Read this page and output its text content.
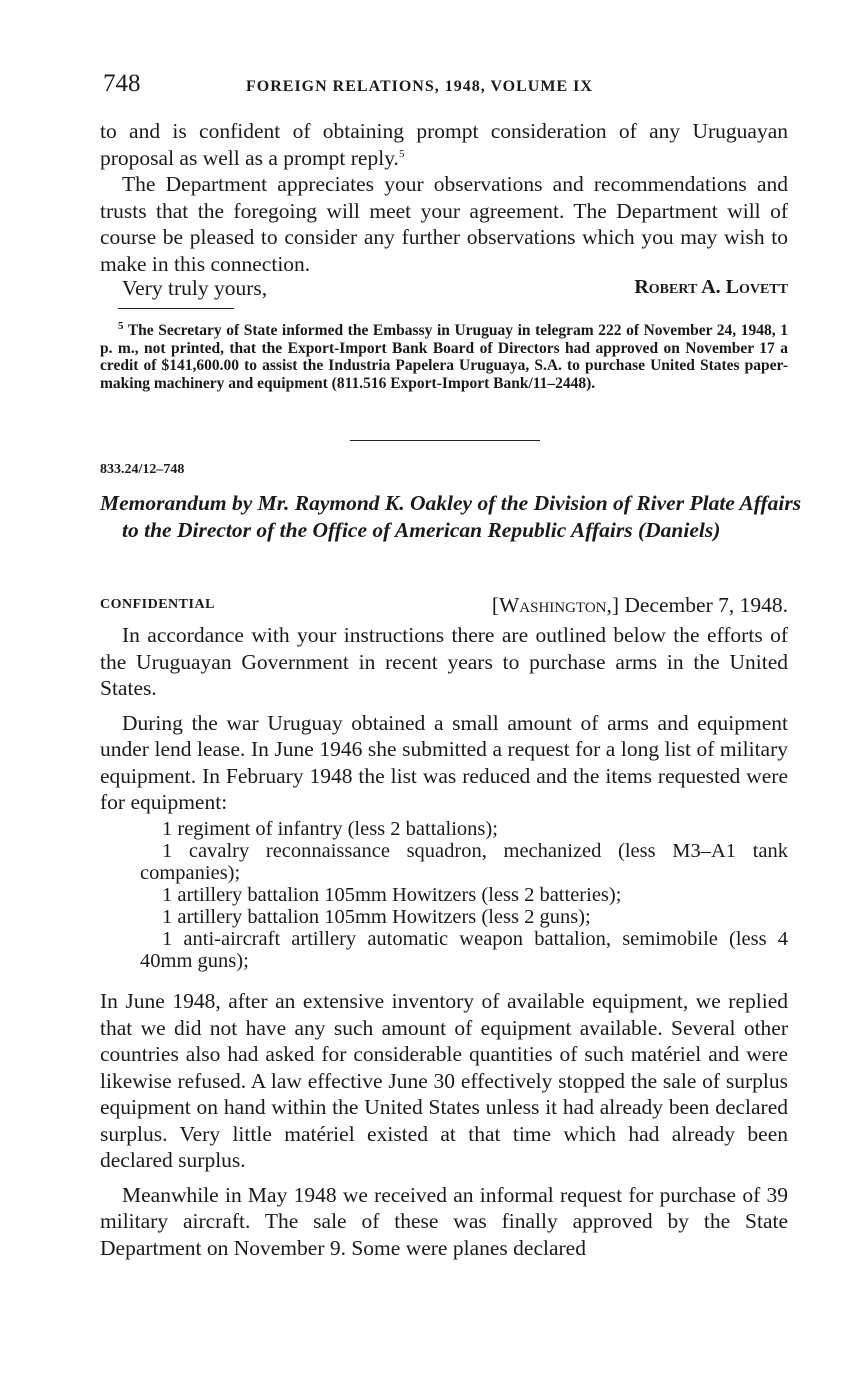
748	FOREIGN RELATIONS, 1948, VOLUME IX

to and is confident of obtaining prompt consideration of any Uruguayan proposal as well as a prompt reply.$^5$

The Department appreciates your observations and recommendations and trusts that the foregoing will meet your agreement. The Department will of course be pleased to consider any further observations which you may wish to make in this connection.

Very truly yours,	Robert A. Lovett
$^5$ The Secretary of State informed the Embassy in Uruguay in telegram 222 of November 24, 1948, 1 p. m., not printed, that the Export-Import Bank Board of Directors had approved on November 17 a credit of $141,600.00 to assist the Industria Papelera Uruguaya, S.A. to purchase United States paper-making machinery and equipment (811.516 Export-Import Bank/11–2448).
833.24/12–748
Memorandum by Mr. Raymond K. Oakley of the Division of River Plate Affairs to the Director of the Office of American Republic Affairs (Daniels)
CONFIDENTIAL	[Washington,] December 7, 1948.

In accordance with your instructions there are outlined below the efforts of the Uruguayan Government in recent years to purchase arms in the United States.

During the war Uruguay obtained a small amount of arms and equipment under lend lease. In June 1946 she submitted a request for a long list of military equipment. In February 1948 the list was reduced and the items requested were for equipment:

1 regiment of infantry (less 2 battalions);
1 cavalry reconnaissance squadron, mechanized (less M3–A1 tank companies);
1 artillery battalion 105mm Howitzers (less 2 batteries);
1 artillery battalion 105mm Howitzers (less 2 guns);
1 anti-aircraft artillery automatic weapon battalion, semimobile (less 4 40mm guns);

In June 1948, after an extensive inventory of available equipment, we replied that we did not have any such amount of equipment available. Several other countries also had asked for considerable quantities of such matériel and were likewise refused. A law effective June 30 effectively stopped the sale of surplus equipment on hand within the United States unless it had already been declared surplus. Very little matériel existed at that time which had already been declared surplus.

Meanwhile in May 1948 we received an informal request for purchase of 39 military aircraft. The sale of these was finally approved by the State Department on November 9. Some were planes declared
